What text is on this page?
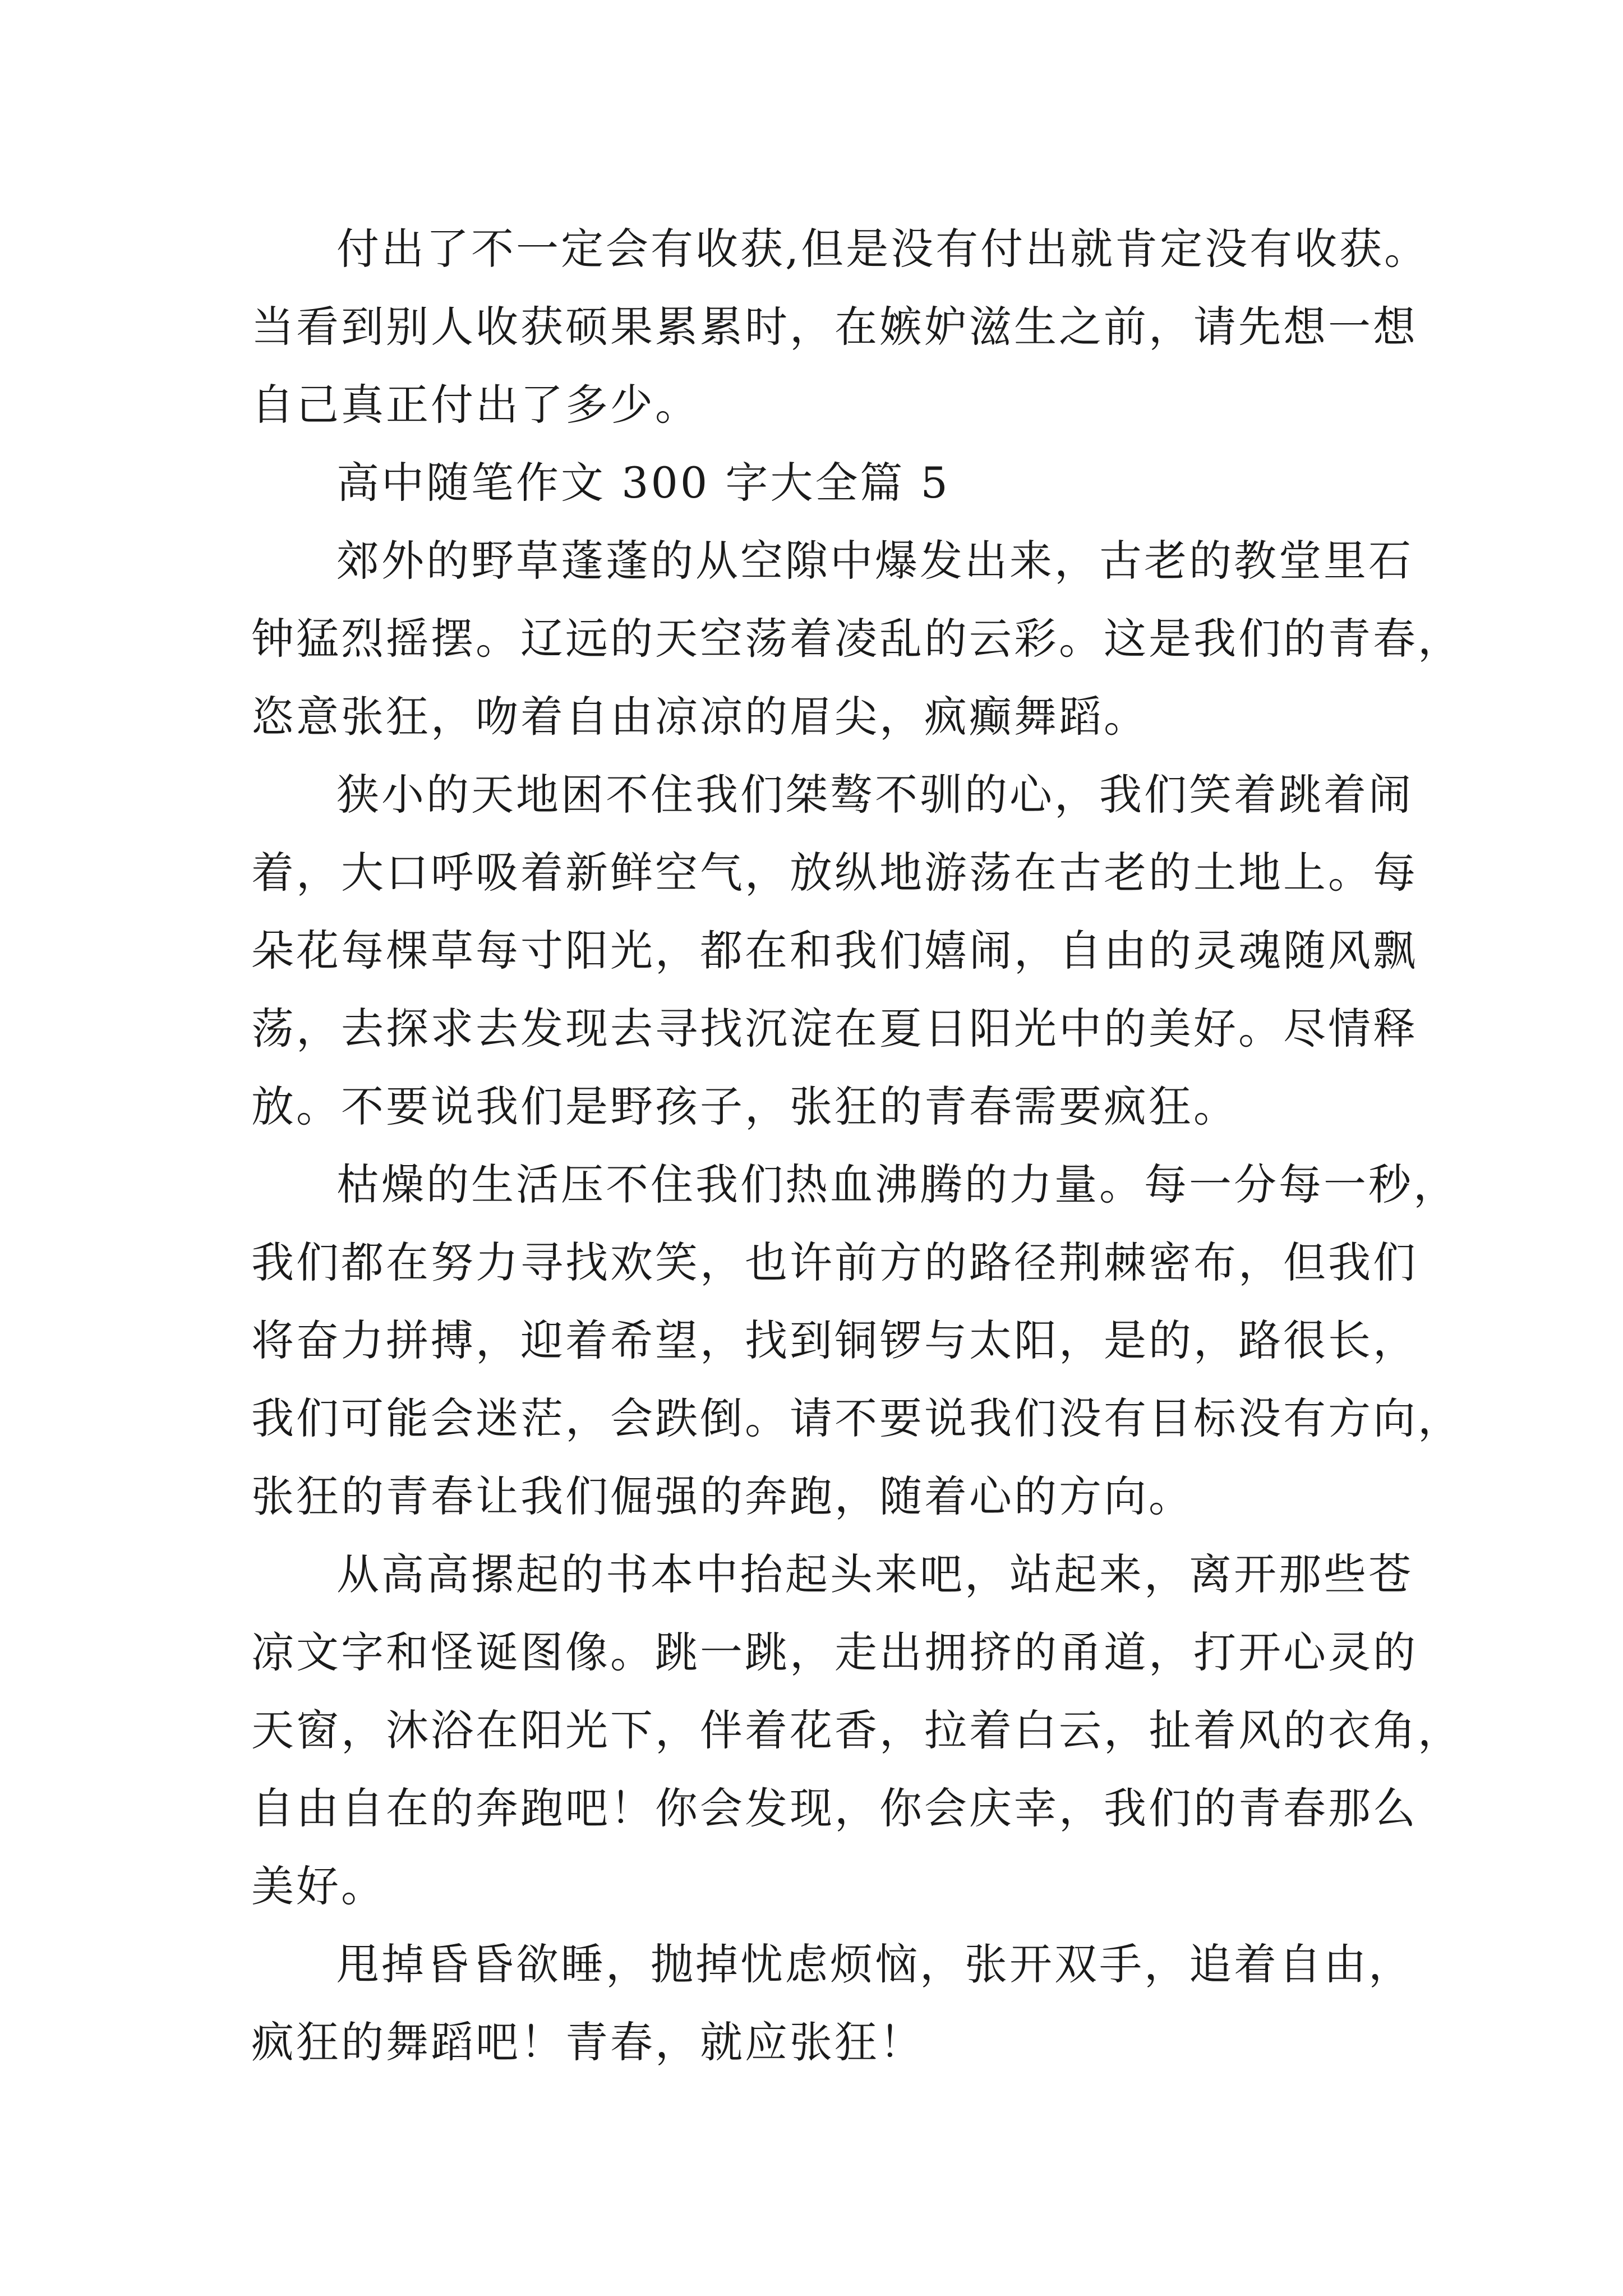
付出了不一定会有收获,但是没有付出就肯定没有收获。
当看到别人收获硕果累累时，在嫉妒滋生之前，请先想一想
自己真正付出了多少。
高中随笔作文 300 字大全篇 5
郊外的野草蓬蓬的从空隙中爆发出来，古老的教堂里石
钟猛烈摇摆。辽远的天空荡着凌乱的云彩。这是我们的青春，
恣意张狂，吻着自由凉凉的眉尖，疯癫舞蹈。
狭小的天地困不住我们桀骜不驯的心，我们笑着跳着闹
着，大口呼吸着新鲜空气，放纵地游荡在古老的土地上。每
朵花每棵草每寸阳光，都在和我们嬉闹，自由的灵魂随风飘
荡，去探求去发现去寻找沉淀在夏日阳光中的美好。尽情释
放。不要说我们是野孩子，张狂的青春需要疯狂。
枯燥的生活压不住我们热血沸腾的力量。每一分每一秒，
我们都在努力寻找欢笑，也许前方的路径荆棘密布，但我们
将奋力拼搏，迎着希望，找到铜锣与太阳，是的，路很长，
我们可能会迷茫，会跌倒。请不要说我们没有目标没有方向，
张狂的青春让我们倔强的奔跑，随着心的方向。
从高高摞起的书本中抬起头来吧，站起来，离开那些苍
凉文字和怪诞图像。跳一跳，走出拥挤的甬道，打开心灵的
天窗，沐浴在阳光下，伴着花香，拉着白云，扯着风的衣角，
自由自在的奔跑吧！你会发现，你会庆幸，我们的青春那么
美好。
甩掉昏昏欲睡，抛掉忧虑烦恼，张开双手，追着自由，
疯狂的舞蹈吧！青春，就应张狂！
